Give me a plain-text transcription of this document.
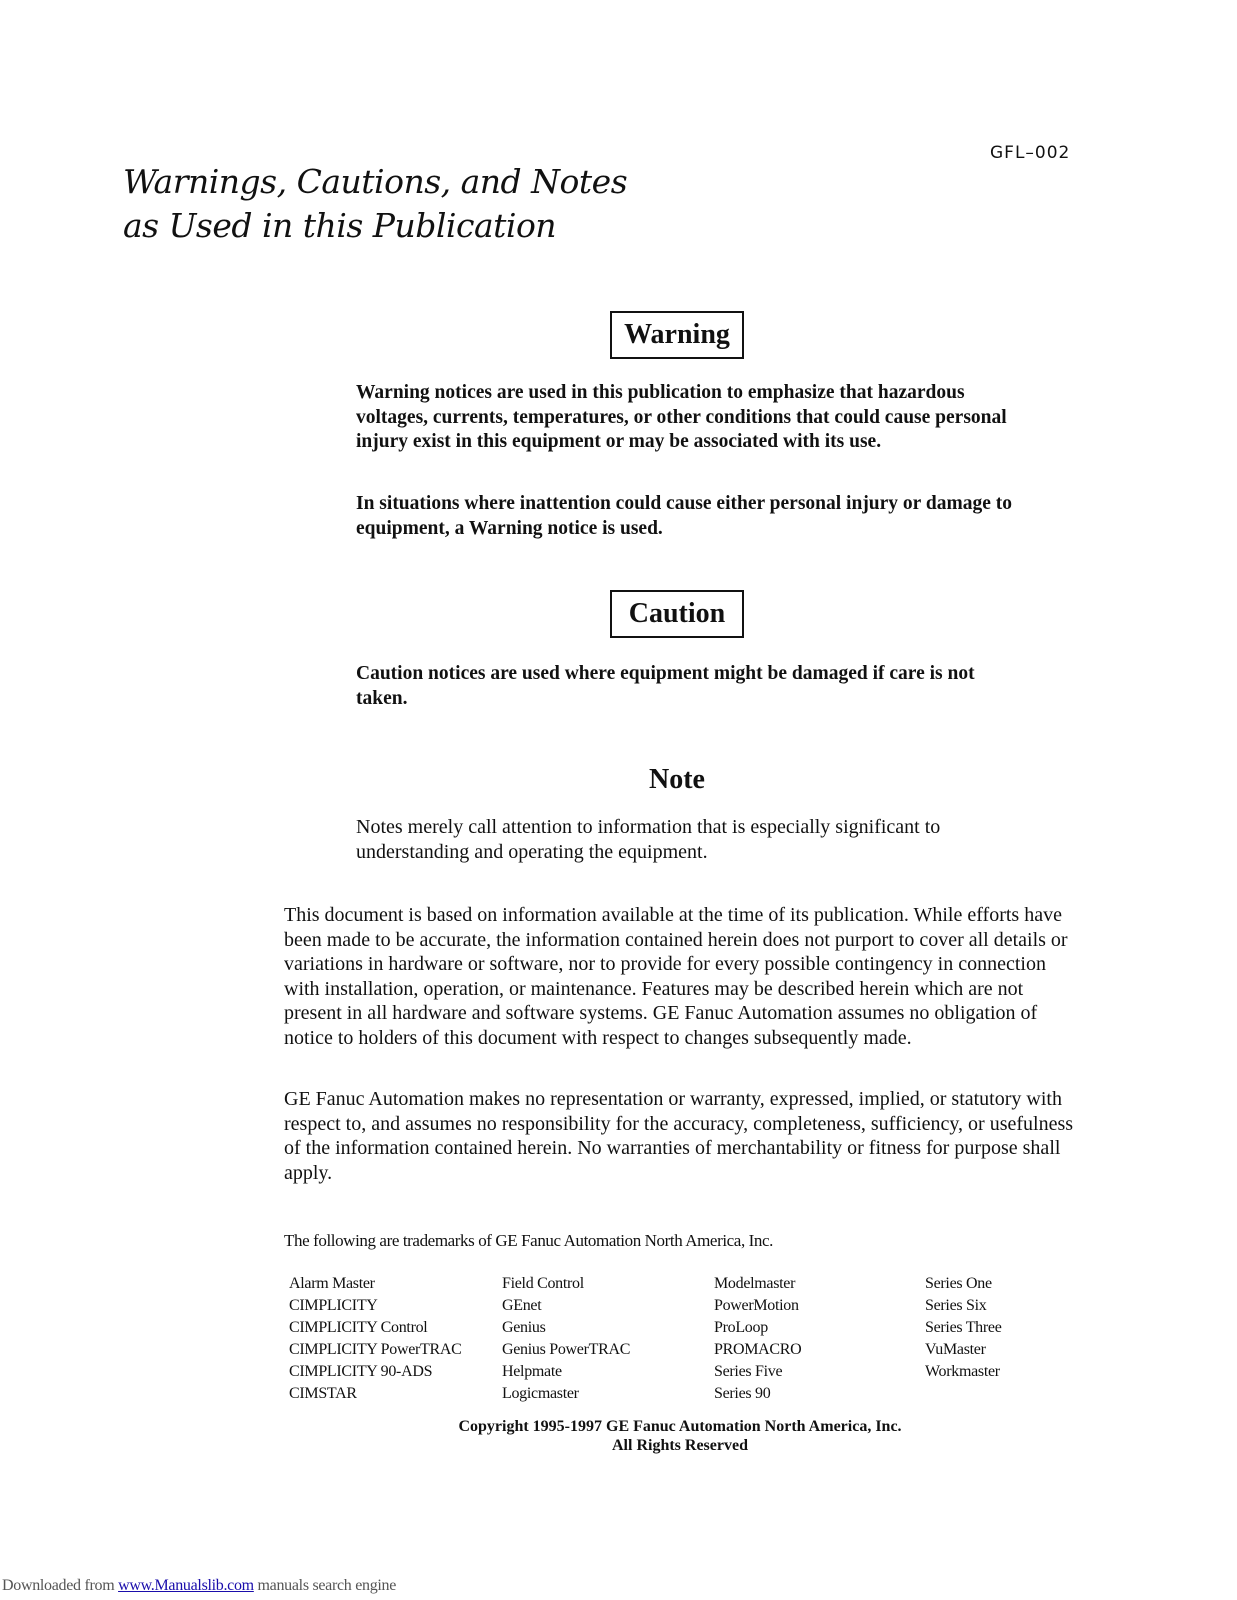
GFL–002
Warnings, Cautions, and Notes
as Used in this Publication
Warning

Warning notices are used in this publication to emphasize that hazardous voltages, currents, temperatures, or other conditions that could cause personal injury exist in this equipment or may be associated with its use.

In situations where inattention could cause either personal injury or damage to equipment, a Warning notice is used.

Caution

Caution notices are used where equipment might be damaged if care is not taken.

Note

Notes merely call attention to information that is especially significant to understanding and operating the equipment.

This document is based on information available at the time of its publication. While efforts have been made to be accurate, the information contained herein does not purport to cover all details or variations in hardware or software, nor to provide for every possible contingency in connection with installation, operation, or maintenance. Features may be described herein which are not present in all hardware and software systems. GE Fanuc Automation assumes no obligation of notice to holders of this document with respect to changes subsequently made.

GE Fanuc Automation makes no representation or warranty, expressed, implied, or statutory with respect to, and assumes no responsibility for the accuracy, completeness, sufficiency, or usefulness of the information contained herein. No warranties of merchantability or fitness for purpose shall apply.

The following are trademarks of GE Fanuc Automation North America, Inc.

Alarm Master
CIMPLICITY
CIMPLICITY Control
CIMPLICITY PowerTRAC
CIMPLICITY 90-ADS
CIMSTAR
Field Control
GEnet
Genius
Genius PowerTRAC
Helpmate
Logicmaster
Modelmaster
PowerMotion
ProLoop
PROMACRO
Series Five
Series 90
Series One
Series Six
Series Three
VuMaster
Workmaster
Copyright 1995-1997 GE Fanuc Automation North America, Inc.
All Rights Reserved
Downloaded from www.Manualslib.com manuals search engine
